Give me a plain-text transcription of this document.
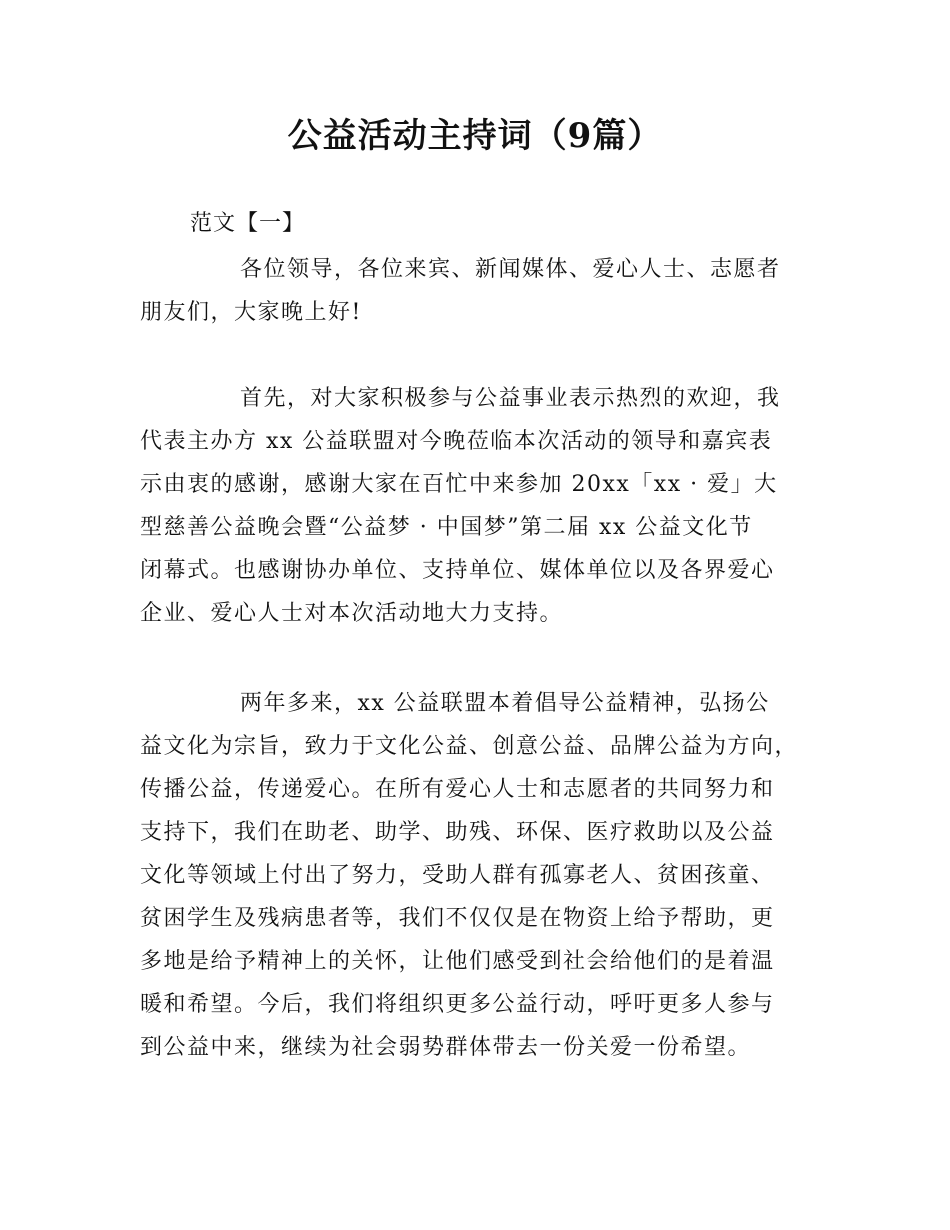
公益活动主持词（9篇）
范文【一】
各位领导，各位来宾、新闻媒体、爱心人士、志愿者
朋友们，大家晚上好!
首先，对大家积极参与公益事业表示热烈的欢迎，我
代表主办方 xx 公益联盟对今晚莅临本次活动的领导和嘉宾表
示由衷的感谢，感谢大家在百忙中来参加 20xx「xx · 爱」大
型慈善公益晚会暨“公益梦 · 中国梦”第二届 xx 公益文化节
闭幕式。也感谢协办单位、支持单位、媒体单位以及各界爱心
企业、爱心人士对本次活动地大力支持。
两年多来，xx 公益联盟本着倡导公益精神，弘扬公
益文化为宗旨，致力于文化公益、创意公益、品牌公益为方向，
传播公益，传递爱心。在所有爱心人士和志愿者的共同努力和
支持下，我们在助老、助学、助残、环保、医疗救助以及公益
文化等领域上付出了努力，受助人群有孤寡老人、贫困孩童、
贫困学生及残病患者等，我们不仅仅是在物资上给予帮助，更
多地是给予精神上的关怀，让他们感受到社会给他们的是着温
暖和希望。今后，我们将组织更多公益行动，呼吁更多人参与
到公益中来，继续为社会弱势群体带去一份关爱一份希望。
